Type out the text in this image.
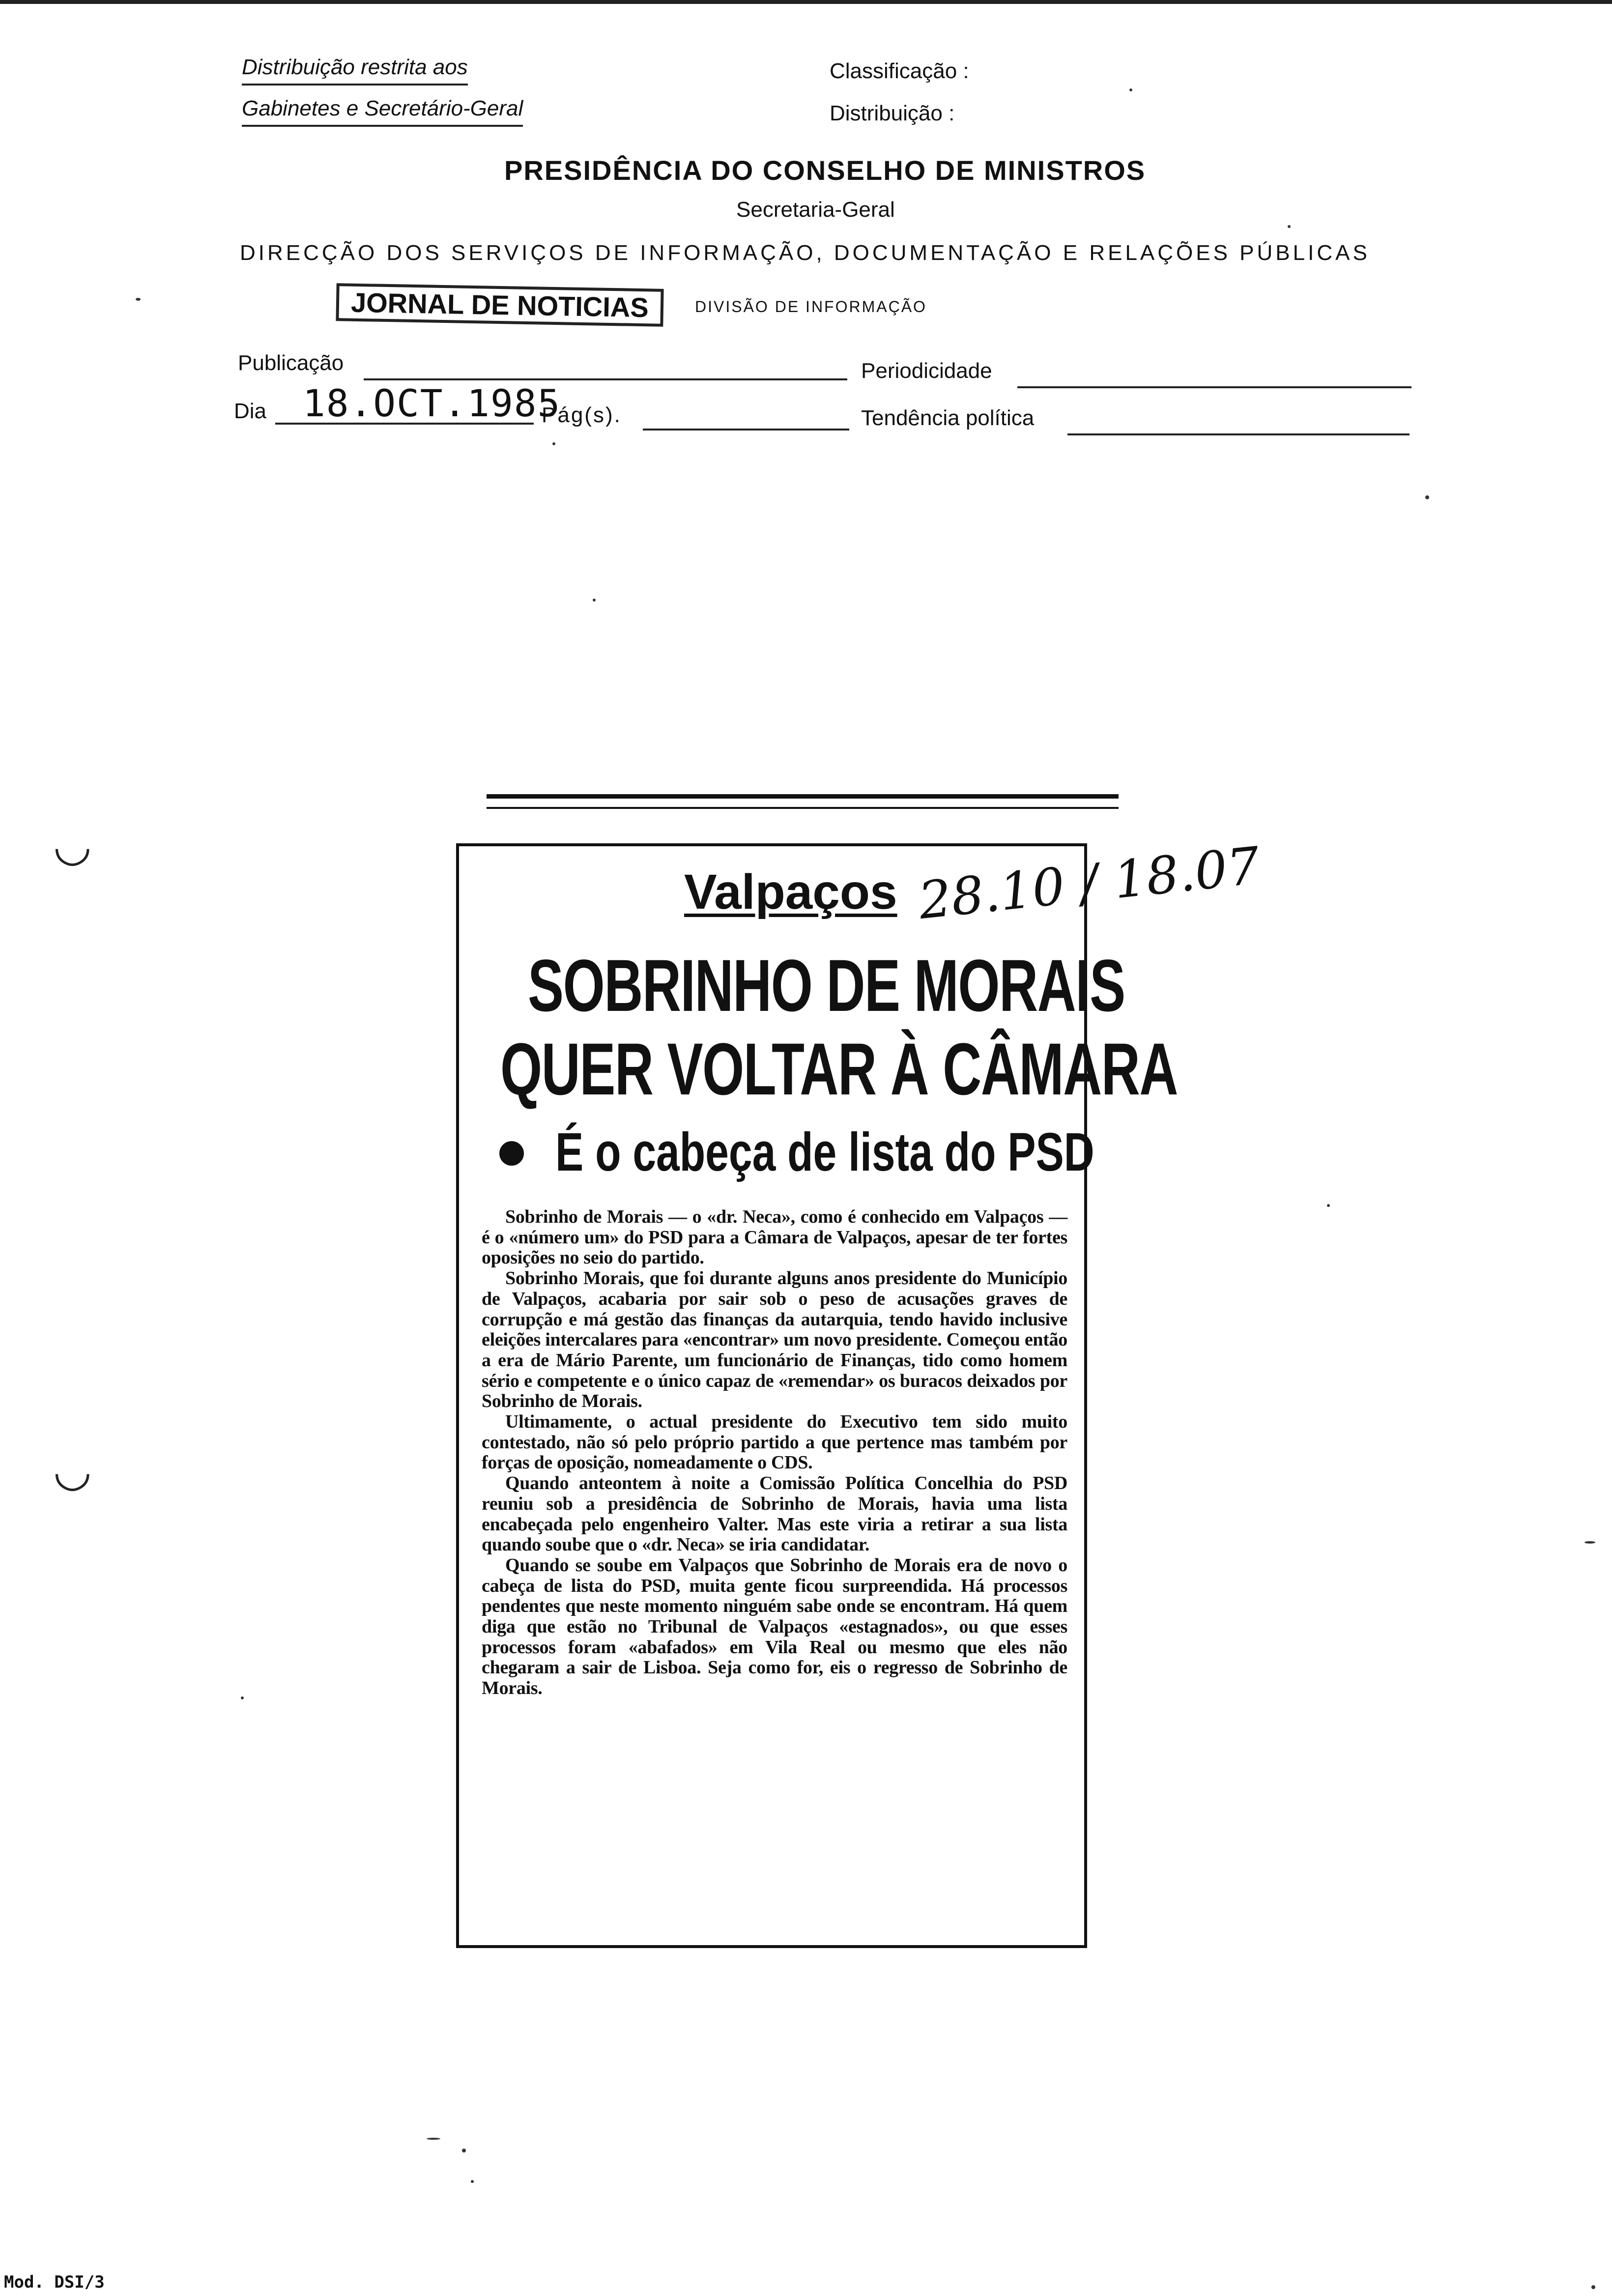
Distribuição restrita aos
Gabinetes e Secretário-Geral
Classificação :
Distribuição :
PRESIDÊNCIA DO CONSELHO DE MINISTROS
Secretaria-Geral
DIRECÇÃO DOS SERVIÇOS DE INFORMAÇÃO, DOCUMENTAÇÃO E RELAÇÕES PÚBLICAS
JORNAL DE NOTICIAS	DIVISÃO DE INFORMAÇÃO
Publicação	Periodicidade
Dia 18.OCT.1985
Pág(s).	Tendência política
Valpaços 28.10 / 18.07
SOBRINHO DE MORAIS
QUER VOLTAR À CÂMARA
É o cabeça de lista do PSD

Sobrinho de Morais — o «dr. Neca», como é conhecido em Valpaços — é o «número um» do PSD para a Câmara de Valpaços, apesar de ter fortes oposições no seio do partido.

Sobrinho Morais, que foi durante alguns anos presidente do Município de Valpaços, acabaria por sair sob o peso de acusações graves de corrupção e má gestão das finanças da autarquia, tendo havido inclusive eleições intercalares para «encontrar» um novo presidente. Começou então a era de Mário Parente, um funcionário de Finanças, tido como homem sério e competente e o único capaz de «remendar» os buracos deixados por Sobrinho de Morais.

Ultimamente, o actual presidente do Executivo tem sido muito contestado, não só pelo próprio partido a que pertence mas também por forças de oposição, nomeadamente o CDS.

Quando anteontem à noite a Comissão Política Concelhia do PSD reuniu sob a presidência de Sobrinho de Morais, havia uma lista encabeçada pelo engenheiro Valter. Mas este viria a retirar a sua lista quando soube que o «dr. Neca» se iria candidatar.

Quando se soube em Valpaços que Sobrinho de Morais era de novo o cabeça de lista do PSD, muita gente ficou surpreendida. Há processos pendentes que neste momento ninguém sabe onde se encontram. Há quem diga que estão no Tribunal de Valpaços «estagnados», ou que esses processos foram «abafados» em Vila Real ou mesmo que eles não chegaram a sair de Lisboa. Seja como for, eis o regresso de Sobrinho de Morais.

◡
◡
Mod. DSI/3
